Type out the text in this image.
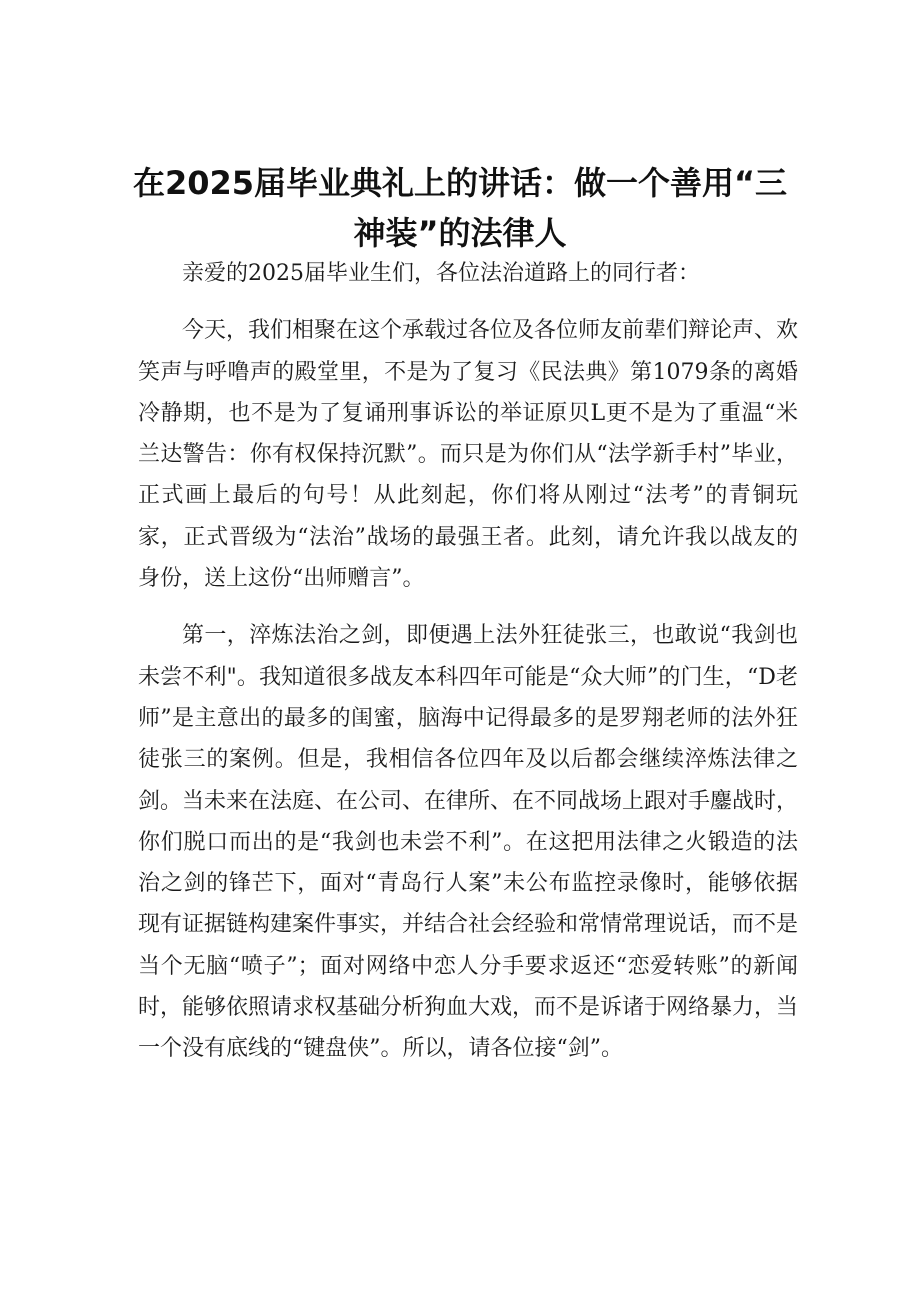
在2025届毕业典礼上的讲话：做一个善用“三神装”的法律人

亲爱的2025届毕业生们，各位法治道路上的同行者：

今天，我们相聚在这个承载过各位及各位师友前辈们辩论声、欢笑声与呼噜声的殿堂里，不是为了复习《民法典》第1079条的离婚冷静期，也不是为了复诵刑事诉讼的举证原贝L更不是为了重温“米兰达警告：你有权保持沉默”。而只是为你们从“法学新手村”毕业，正式画上最后的句号！从此刻起，你们将从刚过“法考”的青铜玩家，正式晋级为“法治”战场的最强王者。此刻，请允许我以战友的身份，送上这份“出师赠言”。

第一，淬炼法治之剑，即便遇上法外狂徒张三，也敢说“我剑也未尝不利"。我知道很多战友本科四年可能是“众大师”的门生，“D老师”是主意出的最多的闺蜜，脑海中记得最多的是罗翔老师的法外狂徒张三的案例。但是，我相信各位四年及以后都会继续淬炼法律之剑。当未来在法庭、在公司、在律所、在不同战场上跟对手鏖战时，你们脱口而出的是“我剑也未尝不利”。在这把用法律之火锻造的法治之剑的锋芒下，面对“青岛行人案”未公布监控录像时，能够依据现有证据链构建案件事实，并结合社会经验和常情常理说话，而不是当个无脑“喷子”；面对网络中恋人分手要求返还“恋爱转账”的新闻时，能够依照请求权基础分析狗血大戏，而不是诉诸于网络暴力，当一个没有底线的“键盘侠”。所以，请各位接“剑”。
